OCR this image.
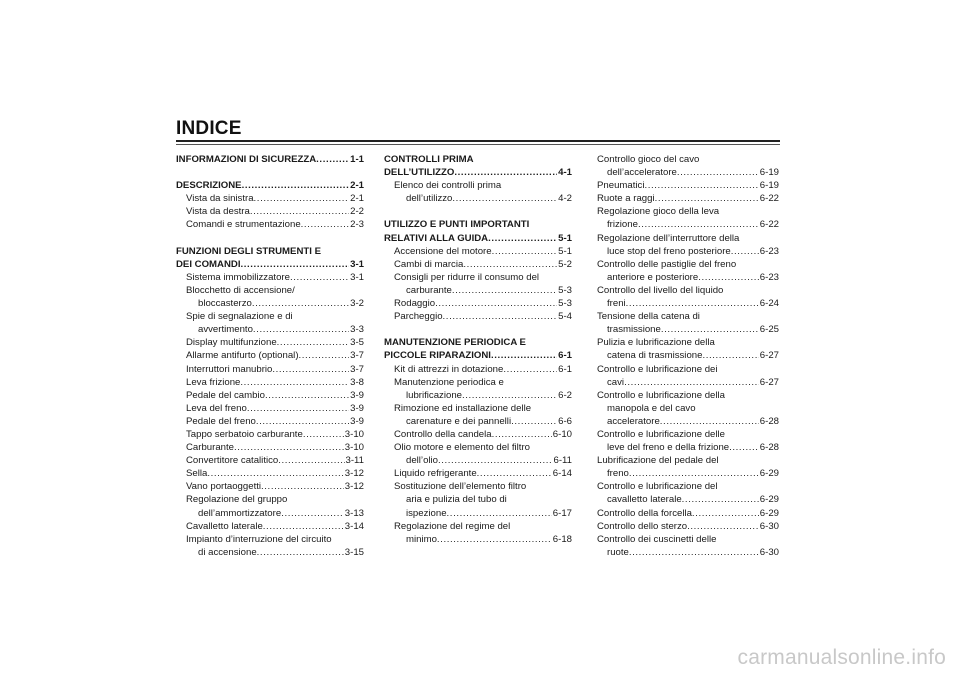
INDICE
INFORMAZIONI DI SICUREZZA .....	1-1
DESCRIZIONE .....	2-1
Vista da sinistra .....	2-1
Vista da destra .....	2-2
Comandi e strumentazione .....	2-3
FUNZIONI DEGLI STRUMENTI E
DEI COMANDI .....	3-1
Sistema immobilizzatore .....	3-1
Blocchetto di accensione/
bloccasterzo .....	3-2
Spie di segnalazione e di
avvertimento .....	3-3
Display multifunzione .....	3-5
Allarme antifurto (optional) .....	3-7
Interruttori manubrio .....	3-7
Leva frizione .....	3-8
Pedale del cambio .....	3-9
Leva del freno .....	3-9
Pedale del freno .....	3-9
Tappo serbatoio carburante .....	3-10
Carburante .....	3-10
Convertitore catalitico .....	3-11
Sella .....	3-12
Vano portaoggetti .....	3-12
Regolazione del gruppo
dell’ammortizzatore .....	3-13
Cavalletto laterale .....	3-14
Impianto d’interruzione del circuito
di accensione .....	3-15
CONTROLLI PRIMA
DELL’UTILIZZO .....	4-1
Elenco dei controlli prima
dell’utilizzo .....	4-2
UTILIZZO E PUNTI IMPORTANTI
RELATIVI ALLA GUIDA .....	5-1
Accensione del motore .....	5-1
Cambi di marcia .....	5-2
Consigli per ridurre il consumo del
carburante .....	5-3
Rodaggio .....	5-3
Parcheggio .....	5-4
MANUTENZIONE PERIODICA E
PICCOLE RIPARAZIONI .....	6-1
Kit di attrezzi in dotazione .....	6-1
Manutenzione periodica e
lubrificazione .....	6-2
Rimozione ed installazione delle
carenature e dei pannelli .....	6-6
Controllo della candela .....	6-10
Olio motore e elemento del filtro
dell’olio .....	6-11
Liquido refrigerante .....	6-14
Sostituzione dell’elemento filtro
aria e pulizia del tubo di
ispezione .....	6-17
Regolazione del regime del
minimo .....	6-18
Controllo gioco del cavo
dell’acceleratore .....	6-19
Pneumatici .....	6-19
Ruote a raggi .....	6-22
Regolazione gioco della leva
frizione .....	6-22
Regolazione dell’interruttore della
luce stop del freno posteriore .....	6-23
Controllo delle pastiglie del freno
anteriore e posteriore .....	6-23
Controllo del livello del liquido
freni .....	6-24
Tensione della catena di
trasmissione .....	6-25
Pulizia e lubrificazione della
catena di trasmissione .....	6-27
Controllo e lubrificazione dei
cavi .....	6-27
Controllo e lubrificazione della
manopola e del cavo
acceleratore .....	6-28
Controllo e lubrificazione delle
leve del freno e della frizione .....	6-28
Lubrificazione del pedale del
freno .....	6-29
Controllo e lubrificazione del
cavalletto laterale .....	6-29
Controllo della forcella .....	6-29
Controllo dello sterzo .....	6-30
Controllo dei cuscinetti delle
ruote .....	6-30
carmanualsonline.info
